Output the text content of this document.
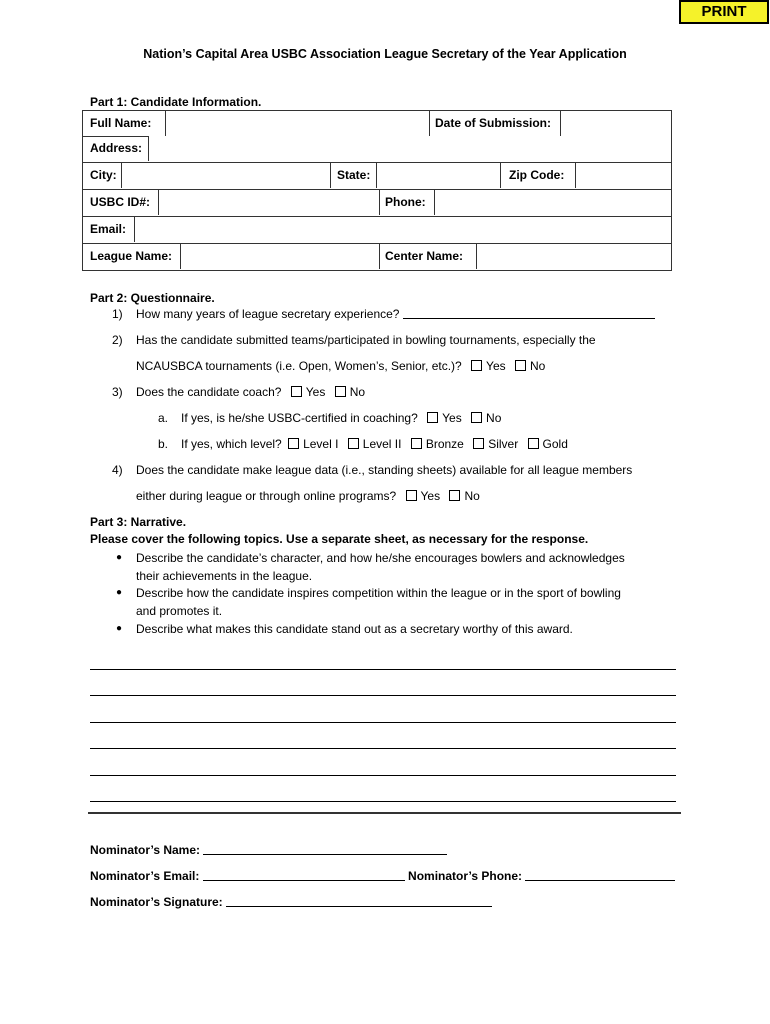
PRINT
Nation’s Capital Area USBC Association League Secretary of the Year Application
Part 1: Candidate Information.
Full Name:	Date of Submission:
Address:
City:	State:	Zip Code:
USBC ID#:	Phone:
Email:
League Name:	Center Name:
Part 2: Questionnaire.
1) How many years of league secretary experience?
2) Has the candidate submitted teams/participated in bowling tournaments, especially the
NCAUSBCA tournaments (i.e. Open, Women’s, Senior, etc.)? Yes No
3) Does the candidate coach? Yes No
a. If yes, is he/she USBC-certified in coaching? Yes No
b. If yes, which level? Level I Level II Bronze Silver Gold
4) Does the candidate make league data (i.e., standing sheets) available for all league members
either during league or through online programs? Yes No
Part 3: Narrative.
Please cover the following topics. Use a separate sheet, as necessary for the response.
● Describe the candidate’s character, and how he/she encourages bowlers and acknowledges
their achievements in the league.
● Describe how the candidate inspires competition within the league or in the sport of bowling
and promotes it.
● Describe what makes this candidate stand out as a secretary worthy of this award.
Nominator’s Name:
Nominator’s Email:	Nominator’s Phone:
Nominator’s Signature:
